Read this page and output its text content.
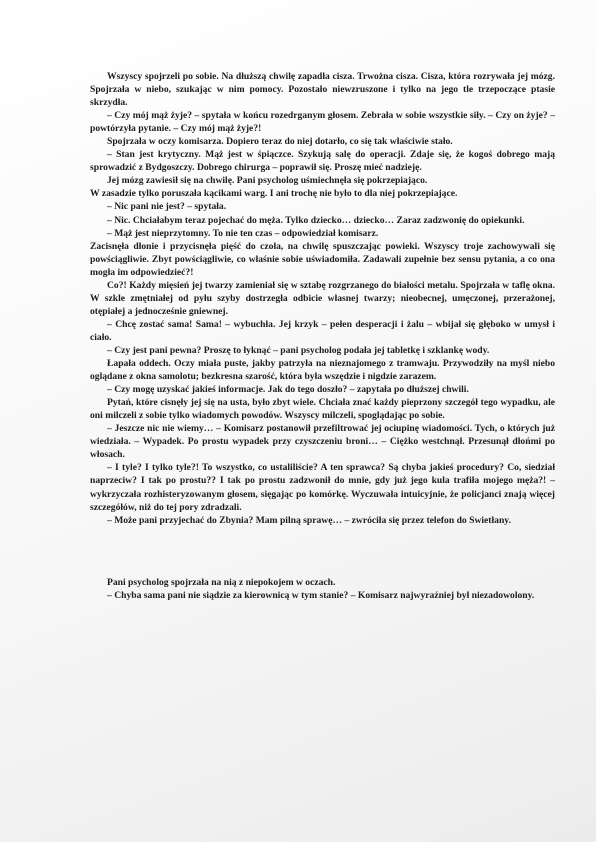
Wszyscy spojrzeli po sobie. Na dłuższą chwilę zapadła cisza. Trwożna cisza. Cisza, która rozrywała jej mózg. Spojrzała w niebo, szukając w nim pomocy. Pozostało niewzruszone i tylko na jego tle trzepoczące ptasie skrzydła.

– Czy mój mąż żyje? – spytała w końcu rozedrganym głosem. Zebrała w sobie wszystkie siły. – Czy on żyje? – powtórzyła pytanie. – Czy mój mąż żyje?!

Spojrzała w oczy komisarza. Dopiero teraz do niej dotarło, co się tak właściwie stało.

– Stan jest krytyczny. Mąż jest w śpiączce. Szykują salę do operacji. Zdaje się, że kogoś dobrego mają sprowadzić z Bydgoszczy. Dobrego chirurga – poprawił się. Proszę mieć nadzieję.

Jej mózg zawiesił się na chwilę. Pani psycholog uśmiechnęła się pokrzepiająco.

W zasadzie tylko poruszała kącikami warg. I ani trochę nie było to dla niej pokrzepiające.

– Nic pani nie jest? – spytała.

– Nic. Chciałabym teraz pojechać do męża. Tylko dziecko… dziecko… Zaraz zadzwonię do opiekunki.

– Mąż jest nieprzytomny. To nie ten czas – odpowiedział komisarz.

Zacisnęła dłonie i przycisnęła pięść do czoła, na chwilę spuszczając powieki. Wszyscy troje zachowywali się powściągliwie. Zbyt powściągliwie, co właśnie sobie uświadomiła. Zadawali zupełnie bez sensu pytania, a co ona mogła im odpowiedzieć?!

Co?! Każdy mięsień jej twarzy zamieniał się w sztabę rozgrzanego do białości metalu. Spojrzała w taflę okna. W szkle zmętniałej od pyłu szyby dostrzegła odbicie własnej twarzy; nieobecnej, umęczonej, przerażonej, otępiałej a jednocześnie gniewnej.

– Chcę zostać sama! Sama! – wybuchła. Jej krzyk – pełen desperacji i żalu – wbijał się głęboko w umysł i ciało.

– Czy jest pani pewna? Proszę to łyknąć – pani psycholog podała jej tabletkę i szklankę wody.

Łapała oddech. Oczy miała puste, jakby patrzyła na nieznajomego z tramwaju. Przywodziły na myśl niebo oglądane z okna samolotu; bezkresna szarość, która była wszędzie i nigdzie zarazem.

– Czy mogę uzyskać jakieś informacje. Jak do tego doszło? – zapytała po dłuższej chwili.

Pytań, które cisnęły jej się na usta, było zbyt wiele. Chciała znać każdy pieprzony szczegół tego wypadku, ale oni milczeli z sobie tylko wiadomych powodów. Wszyscy milczeli, spoglądając po sobie.

– Jeszcze nic nie wiemy… – Komisarz postanowił przefiltrować jej ociupinę wiadomości. Tych, o których już wiedziała. – Wypadek. Po prostu wypadek przy czyszczeniu broni… – Ciężko westchnął. Przesunął dłońmi po włosach.

– I tyle? I tylko tyle?! To wszystko, co ustaliliście? A ten sprawca? Są chyba jakieś procedury? Co, siedział naprzeciw? I tak po prostu?? I tak po prostu zadzwonił do mnie, gdy już jego kula trafiła mojego męża?! – wykrzyczała rozhisteryzowanym głosem, sięgając po komórkę. Wyczuwała intuicyjnie, że policjanci znają więcej szczegółów, niż do tej pory zdradzali.

– Może pani przyjechać do Zbynia? Mam pilną sprawę… – zwróciła się przez telefon do Swietłany.

Pani psycholog spojrzała na nią z niepokojem w oczach.

– Chyba sama pani nie siądzie za kierownicą w tym stanie? – Komisarz najwyraźniej był niezadowolony.
